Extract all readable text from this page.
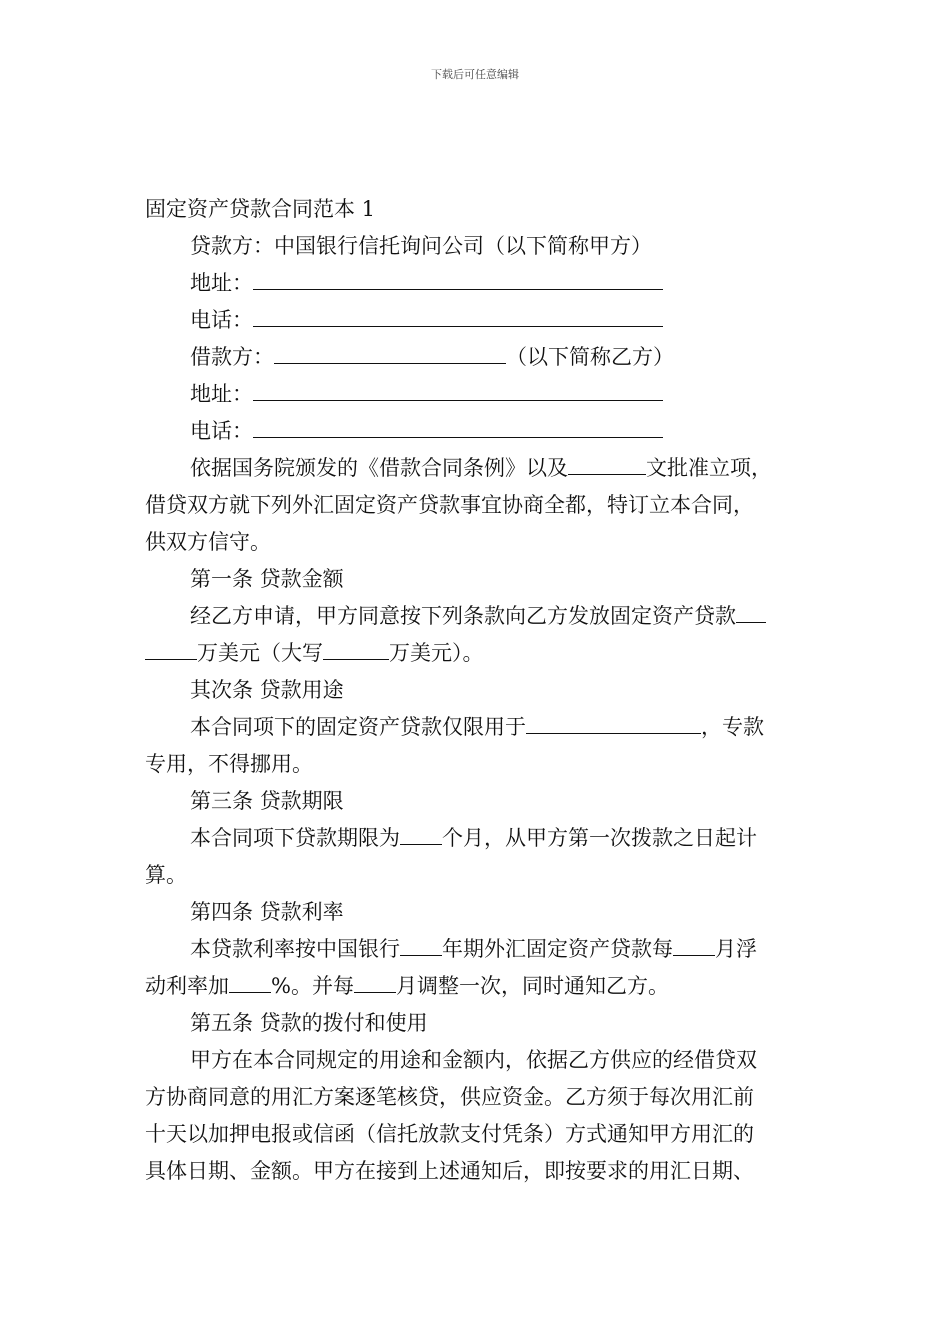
下载后可任意编辑
固定资产贷款合同范本 1
贷款方：中国银行信托询问公司（以下简称甲方）
地址：
电话：
借款方：	（以下简称乙方）
地址：
电话：
依据国务院颁发的《借款合同条例》以及	文批准立项，
借贷双方就下列外汇固定资产贷款事宜协商全都，特订立本合同，
供双方信守。
第一条 贷款金额
经乙方申请，甲方同意按下列条款向乙方发放固定资产贷款
万美元（大写	万美元）。
其次条 贷款用途
本合同项下的固定资产贷款仅限用于	，专款
专用，不得挪用。
第三条 贷款期限
本合同项下贷款期限为 个月，从甲方第一次拨款之日起计
算。
第四条 贷款利率
本贷款利率按中国银行 年期外汇固定资产贷款每 月浮
动利率加 %。并每 月调整一次，同时通知乙方。
第五条 贷款的拨付和使用
甲方在本合同规定的用途和金额内，依据乙方供应的经借贷双
方协商同意的用汇方案逐笔核贷，供应资金。乙方须于每次用汇前
十天以加押电报或信函（信托放款支付凭条）方式通知甲方用汇的
具体日期、金额。甲方在接到上述通知后，即按要求的用汇日期、
